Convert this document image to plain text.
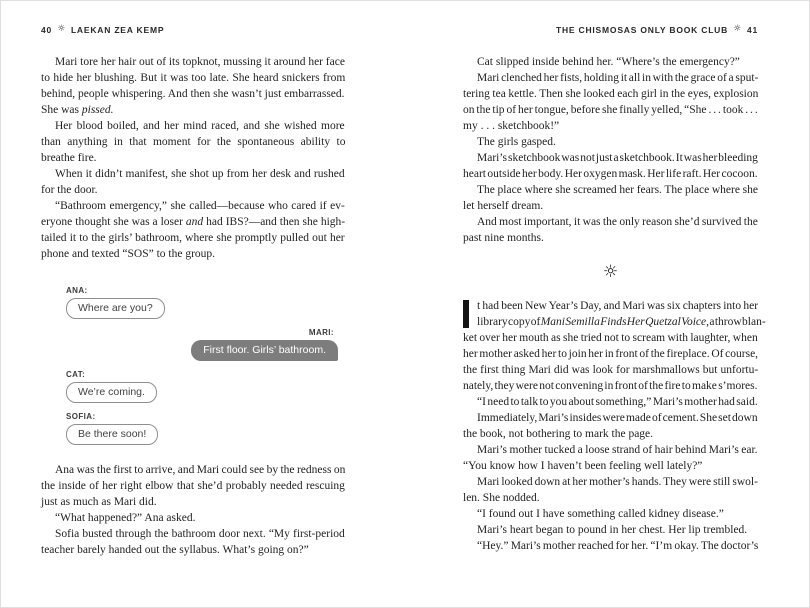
40 ☼ LAEKAN ZEA KEMP	THE CHISMOSAS ONLY BOOK CLUB ☼ 41
Mari tore her hair out of its topknot, mussing it around her face
to hide her blushing. But it was too late. She heard snickers from
behind, people whispering. And then she wasn’t just embarrassed.
She was pissed.
Her blood boiled, and her mind raced, and she wished more
than anything in that moment for the spontaneous ability to
breathe fire.
When it didn’t manifest, she shot up from her desk and rushed
for the door.
“Bathroom emergency,” she called—because who cared if ev-
eryone thought she was a loser and had IBS?—and then she high-
tailed it to the girls’ bathroom, where she promptly pulled out her
phone and texted “SOS” to the group.
ANA:
Where are you?
MARI:
First floor. Girls’ bathroom.
CAT:
We’re coming.
SOFIA:
Be there soon!
Ana was the first to arrive, and Mari could see by the redness on
the inside of her right elbow that she’d probably needed rescuing
just as much as Mari did.
“What happened?” Ana asked.
Sofia busted through the bathroom door next. “My first-period
teacher barely handed out the syllabus. What’s going on?”
Cat slipped inside behind her. “Where’s the emergency?”
Mari clenched her fists, holding it all in with the grace of a sput-
tering tea kettle. Then she looked each girl in the eyes, explosion
on the tip of her tongue, before she finally yelled, “She . . . took . . .
my . . . sketchbook!”
The girls gasped.
Mari’s sketchbook was not just a sketchbook. It was her bleeding
heart outside her body. Her oxygen mask. Her life raft. Her cocoon.
The place where she screamed her fears. The place where she
let herself dream.
And most important, it was the only reason she’d survived the
past nine months.
☼
t had been New Year’s Day, and Mari was six chapters into her
library copy of Mani Semilla Finds Her Quetzal Voice, a throw blan-
ket over her mouth as she tried not to scream with laughter, when
her mother asked her to join her in front of the fireplace. Of course,
the first thing Mari did was look for marshmallows but unfortu-
nately, they were not convening in front of the fire to make s’mores.
“I need to talk to you about something,” Mari’s mother had said.
Immediately, Mari’s insides were made of cement. She set down
the book, not bothering to mark the page.
Mari’s mother tucked a loose strand of hair behind Mari’s ear.
“You know how I haven’t been feeling well lately?”
Mari looked down at her mother’s hands. They were still swol-
len. She nodded.
“I found out I have something called kidney disease.”
Mari’s heart began to pound in her chest. Her lip trembled.
“Hey.” Mari’s mother reached for her. “I’m okay. The doctor’s
